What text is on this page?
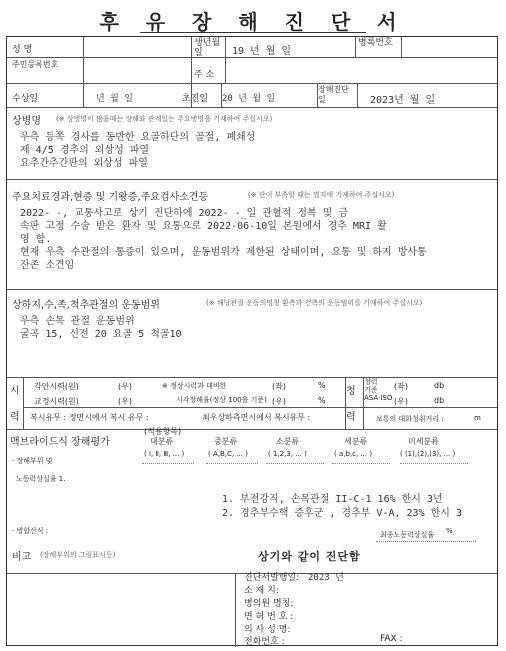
후 유 장 해 진 단 서
성 명
생년월일	19 년 월 일
병록번호
주민등록번호
주 소
수상일	년 월 일	초진일 20 년 월 일
장해진단일	2023년 월 일
상병명 (※ 상병명이 많을때는 장해와 관계있는 주요병명을 기재하여 주십시오)
우측 등쪽 경사를 동반한 요골하단의 골절, 폐쇄성
제 4/5 경추의 외상성 파열
요추간추간판의 외상성 파열
주요치료경과,현증 및 기왕증,주요검사소견등	(※ 란이 부족할 때는 별지에 기재하여 주십시오)
2022- -, 교통사고로 상기 진단하에 2022- -_일 관혈적 정복 및 금
속판 고정 수술 받은 환자 및 요통으로 2022-06-10일 본원에서 경추 MRI 촬
영 함.
현재 우측 수관절의 통증이 있으며, 운동범위가 제한된 상태이며, 요통 및 하지 방사통
잔존 소견임
상하지,수,족,척추관절의 운동범위	(※ 해당관절 운동의명칭 환측과 건측의 운동범위를 기재하여 주십시오)
우측 손목 관절 운동범위
굴곡 15, 신전 20 요골 5 척골10
시
력
각안시력(원)	(우)
교정시력(원)	(우)
※ 정상시력과 대비한
시각장해율(정상 100을 기준)
(좌)	%
(우)	%
복시유무 : 정면시에서 복시 유무 :	최우상하측면시에서 복시유무 :
청
력
청력기준ASA·ISO
(좌)	db
(우)	db
보통의 대화청취거리 :	m
맥브라이드식 장해평가
(적용항목)
대분류	중분류	소분류	세분류	미세분류
( Ⅰ, Ⅱ, Ⅲ, ... )	( A,B,C, ... )	( 1,2,3, ... )	( a,b,c, ... )	( (1),(2),(3), ... )
· 장해부위 및
노동력상실율 1.
1. 부전강직, 손목관절 II-C-1 16% 한시 3년
2. 경추부수핵 증후군 , 경추부 V-A, 23% 한시 3
· 병합산식 :	최종노동력상실율 %
비고 (장해부위의 그림표시등)	상기와 같이 진단함
진단서발행일: 2023 년
소 재 지:
병의원 명칭:
면 허 번 호 :
의 사 성 명:
전화번호 :	FAX :
